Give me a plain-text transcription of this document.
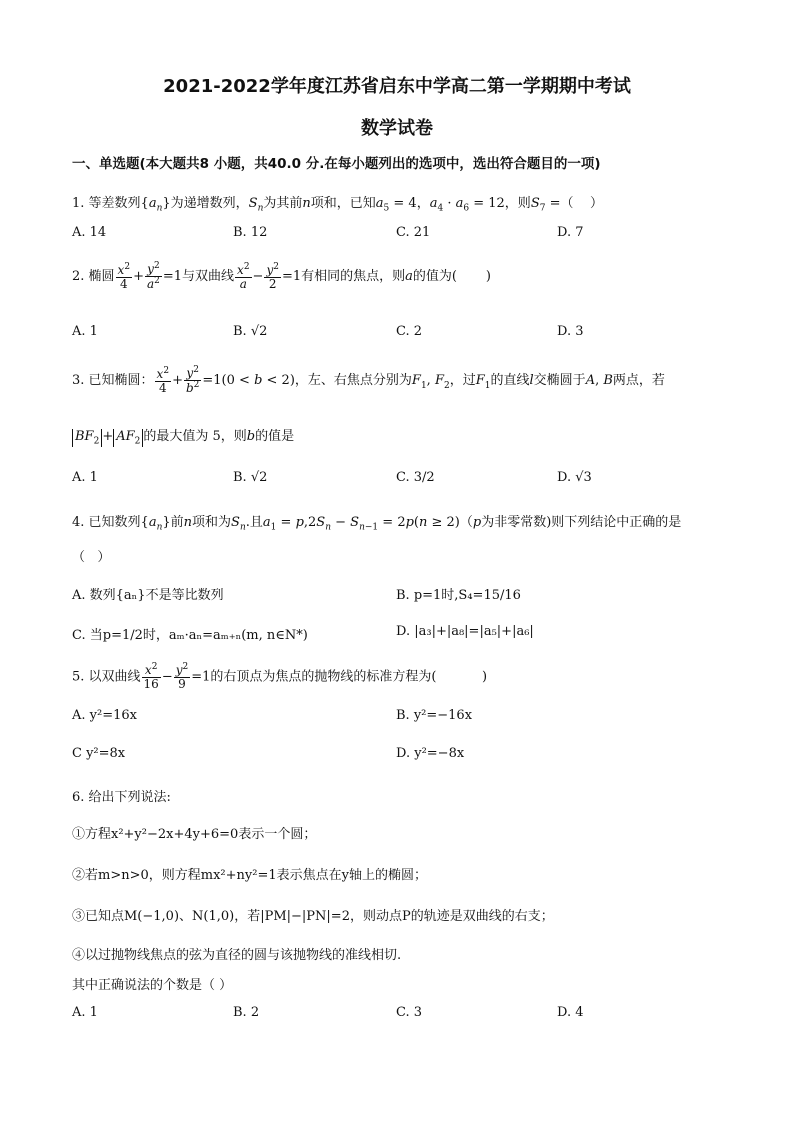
2021-2022学年度江苏省启东中学高二第一学期期中考试
数学试卷
一、单选题(本大题共8 小题，共40.0 分.在每小题列出的选项中，选出符合题目的一项)
1. 等差数列$\{a_n\}$为递增数列，$S_n$为其前n项和，已知$a_5 = 4$，$a_4 \cdot a_6 = 12$，则$S_7$ =（    ）
A. 14	B. 12	C. 21	D. 7
2. 椭圆 $\frac{x^2}{4} + \frac{y^2}{a^2} =1$与双曲线 $\frac{x^2}{a} - \frac{y^2}{2} =1$有相同的焦点，则a的值为(       )
A. 1	B. √2	C. 2	D. 3
3. 已知椭圆： $\frac{x^2}{4} + \frac{y^2}{b^2} =1(0 < b < 2)$，左、右焦点分别为$F_1$, $F_2$，过$F_1$的直线l交椭圆于A, B两点，若
$BF_2 + AF_2$ 的最大值为 5，则b的值是
A. 1	B. √2	C. 3/2	D. √3
4. 已知数列$\{a_n\}$前n项和为$S_n$.且$a_1 = p,2S_n - S_{n-1} = 2p(n \ge 2)(p$为非零常数)则下列结论中正确的是
（   ）
A. 数列{aₙ}不是等比数列	B. p=1时,S₄=15/16
C. 当p=1/2时，aₘ·aₙ=aₘ₊ₙ(m, n∈N*)	D. |a₃|+|a₈|=|a₅|+|a₆|
5. 以双曲线 $\frac{x^2}{16} - \frac{y^2}{9} =1$的右顶点为焦点的抛物线的标准方程为(           )
A. y²=16x	B. y²=−16x
C y²=8x	D. y²=−8x
6. 给出下列说法:
①方程x²+y²−2x+4y+6=0表示一个圆；
②若m>n>0，则方程mx²+ny²=1表示焦点在y轴上的椭圆；
③已知点M(−1,0)、N(1,0)，若|PM|−|PN|=2，则动点P的轨迹是双曲线的右支；
④以过抛物线焦点的弦为直径的圆与该抛物线的准线相切.
其中正确说法的个数是（ ）
A. 1	B. 2	C. 3	D. 4
